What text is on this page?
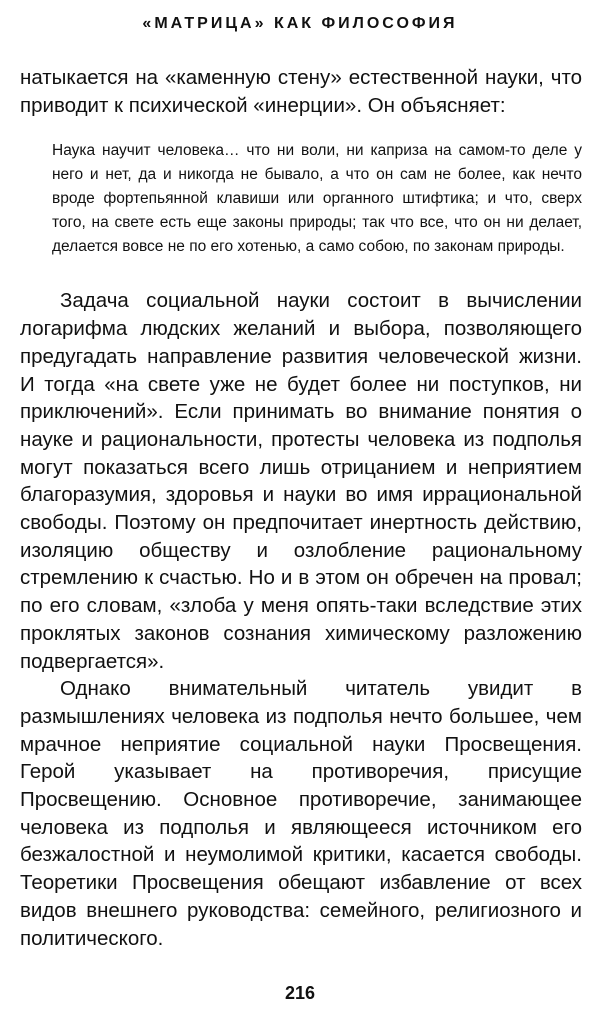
«МАТРИЦА» КАК ФИЛОСОФИЯ

натыкается на «каменную стену» естественной науки, что приводит к психической «инерции». Он объясняет:

Наука научит человека… что ни воли, ни каприза на самом-то деле у него и нет, да и никогда не бывало, а что он сам не более, как нечто вроде фортепьянной клавиши или органного штифтика; и что, сверх того, на свете есть еще законы природы; так что все, что он ни делает, делается вовсе не по его хотенью, а само собою, по законам природы.

Задача социальной науки состоит в вычислении логарифма людских желаний и выбора, позволяющего предугадать направление развития человеческой жизни. И тогда «на свете уже не будет более ни поступков, ни приключений». Если принимать во внимание понятия о науке и рациональности, протесты человека из подполья могут показаться всего лишь отрицанием и неприятием благоразумия, здоровья и науки во имя иррациональной свободы. Поэтому он предпочитает инертность действию, изоляцию обществу и озлобление рациональному стремлению к счастью. Но и в этом он обречен на провал; по его словам, «злоба у меня опять-таки вследствие этих проклятых законов сознания химическому разложению подвергается».

Однако внимательный читатель увидит в размышлениях человека из подполья нечто большее, чем мрачное неприятие социальной науки Просвещения. Герой указывает на противоречия, присущие Просвещению. Основное противоречие, занимающее человека из подполья и являющееся источником его безжалостной и неумолимой критики, касается свободы. Теоретики Просвещения обещают избавление от всех видов внешнего руководства: семейного, религиозного и политического.

216
